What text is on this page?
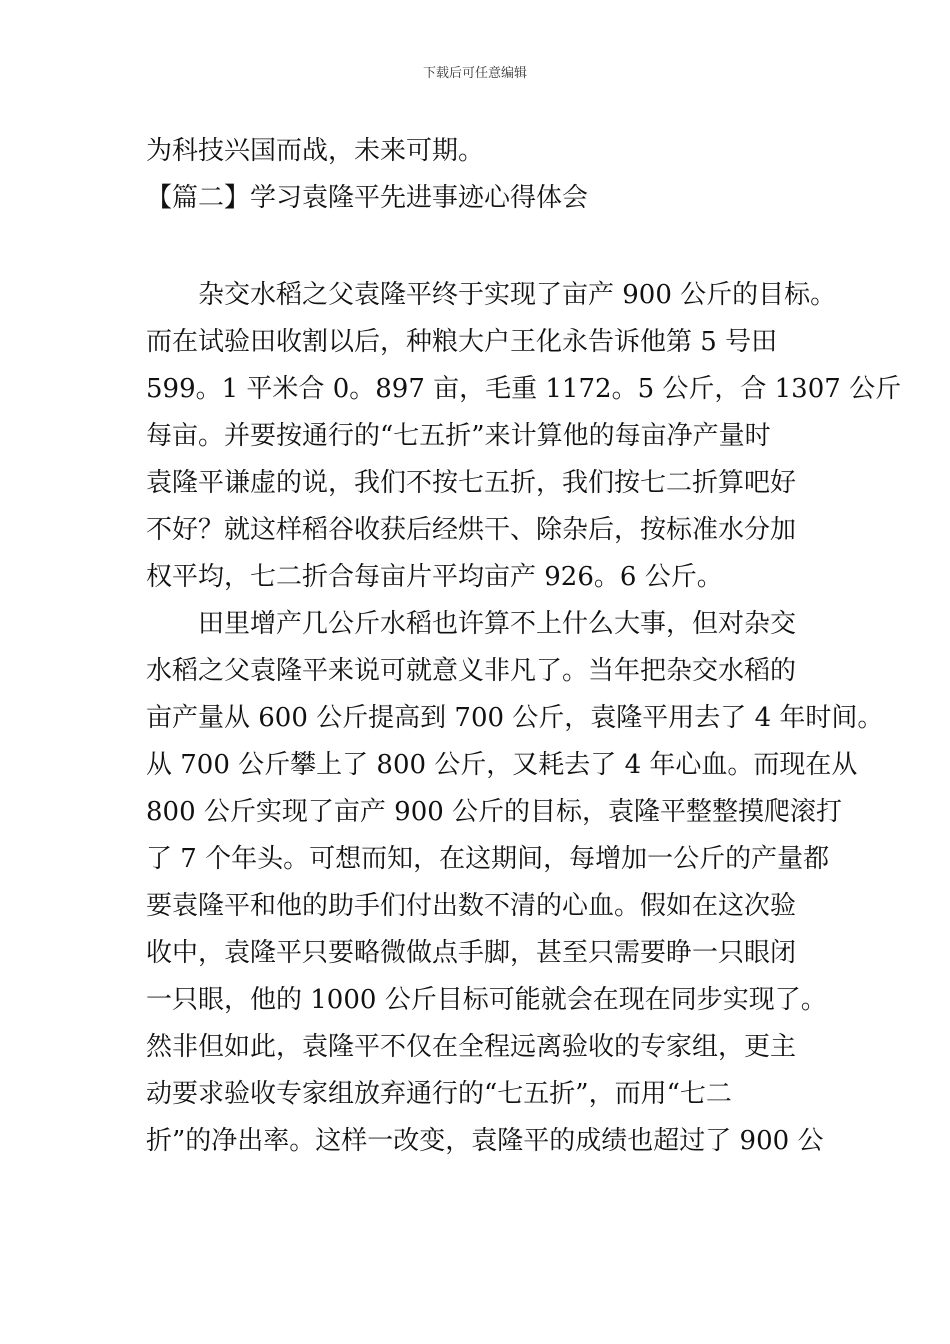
下载后可任意编辑
为科技兴国而战，未来可期。
【篇二】学习袁隆平先进事迹心得体会
　　杂交水稻之父袁隆平终于实现了亩产 900 公斤的目标。
而在试验田收割以后，种粮大户王化永告诉他第 5 号田
599。1 平米合 0。897 亩，毛重 1172。5 公斤，合 1307 公斤
每亩。并要按通行的“七五折”来计算他的每亩净产量时
袁隆平谦虚的说，我们不按七五折，我们按七二折算吧好
不好？就这样稻谷收获后经烘干、除杂后，按标准水分加
权平均，七二折合每亩片平均亩产 926。6 公斤。
　　田里增产几公斤水稻也许算不上什么大事，但对杂交
水稻之父袁隆平来说可就意义非凡了。当年把杂交水稻的
亩产量从 600 公斤提高到 700 公斤，袁隆平用去了 4 年时间。
从 700 公斤攀上了 800 公斤，又耗去了 4 年心血。而现在从
800 公斤实现了亩产 900 公斤的目标，袁隆平整整摸爬滚打
了 7 个年头。可想而知，在这期间，每增加一公斤的产量都
要袁隆平和他的助手们付出数不清的心血。假如在这次验
收中，袁隆平只要略微做点手脚，甚至只需要睁一只眼闭
一只眼，他的 1000 公斤目标可能就会在现在同步实现了。
然非但如此，袁隆平不仅在全程远离验收的专家组，更主
动要求验收专家组放弃通行的“七五折”，而用“七二
折”的净出率。这样一改变，袁隆平的成绩也超过了 900 公
